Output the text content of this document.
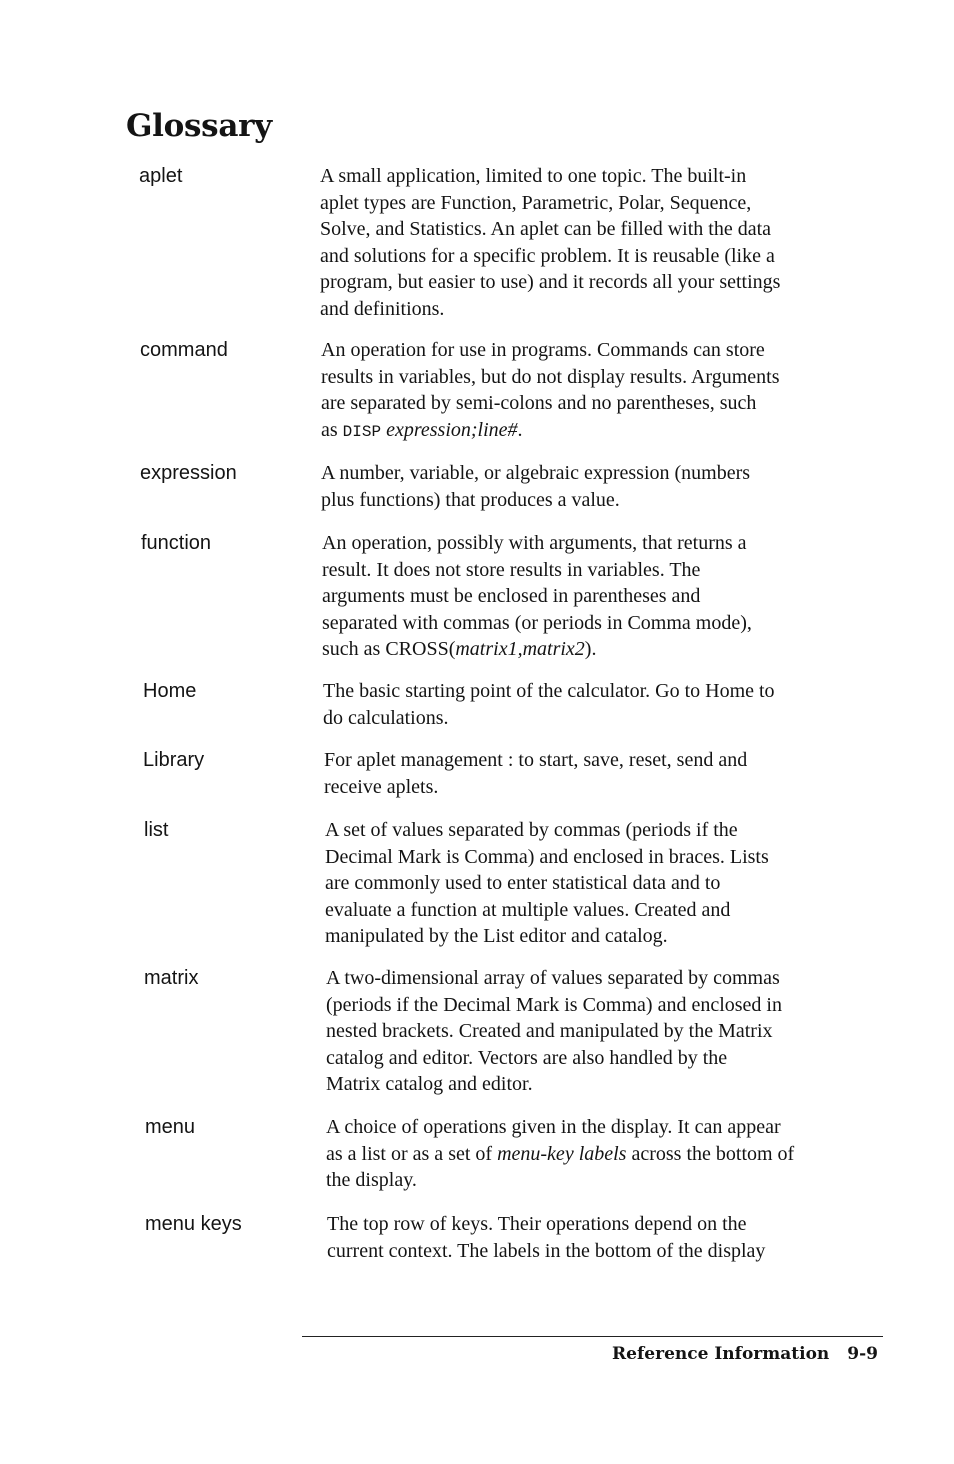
Glossary
aplet	A small application, limited to one topic. The built-in
aplet types are Function, Parametric, Polar, Sequence,
Solve, and Statistics. An aplet can be filled with the data
and solutions for a specific problem. It is reusable (like a
program, but easier to use) and it records all your settings
and definitions.
command	An operation for use in programs. Commands can store
results in variables, but do not display results. Arguments
are separated by semi-colons and no parentheses, such
as DISP expression;line#.
expression	A number, variable, or algebraic expression (numbers
plus functions) that produces a value.
function	An operation, possibly with arguments, that returns a
result. It does not store results in variables. The
arguments must be enclosed in parentheses and
separated with commas (or periods in Comma mode),
such as CROSS(matrix1,matrix2).
Home	The basic starting point of the calculator. Go to Home to
do calculations.
Library	For aplet management : to start, save, reset, send and
receive aplets.
list	A set of values separated by commas (periods if the
Decimal Mark is Comma) and enclosed in braces. Lists
are commonly used to enter statistical data and to
evaluate a function at multiple values. Created and
manipulated by the List editor and catalog.
matrix	A two-dimensional array of values separated by commas
(periods if the Decimal Mark is Comma) and enclosed in
nested brackets. Created and manipulated by the Matrix
catalog and editor. Vectors are also handled by the
Matrix catalog and editor.
menu	A choice of operations given in the display. It can appear
as a list or as a set of menu-key labels across the bottom of
the display.
menu keys	The top row of keys. Their operations depend on the
current context. The labels in the bottom of the display
Reference Information 9-9
